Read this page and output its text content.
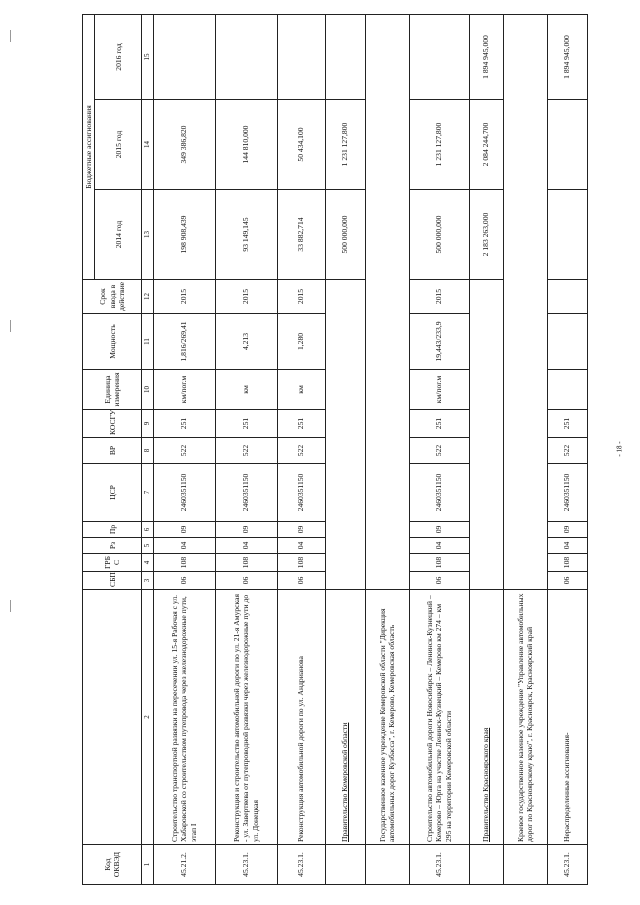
Код ОКВЭД		СБП	ГРБ С	Рз	Пр	ЦСР	ВР	КОСГУ	Единица измерения	Мощность	Срок ввода в действие	Бюджетные ассигнования		
												2014 год	2015 год	2016 год
1	2	3	4	5	6	7	8	9	10	11	12	13	14	15
45.21.2.	Строительство транспортной развязки на пересечении ул. 15-я Рабочая с ул. Хабаровской со строительством путепровода через железнодорожные пути, этап I	06	108	04	09	2460351150	522	251	км/пог.м	1,816/269,41	2015	198 908,439	349 386,820	
45.23.1.	Реконструкция и строительство автомобильной дороги по ул. 21-я Амурская - ул. Завертяева от путепроводной развязки через железнодорожные пути до ул. Донецкая	06	108	04	09	2460351150	522	251	км	4,213	2015	93 149,145	144 810,000	
45.23.1.	Реконструкция автомобильной дороги по ул. Андрианова	06	108	04	09	2460351150	522	251	км	1,280	2015	33 882,714	50 434,100	
	Правительство Кемеровской области											500 000,000	1 231 127,800	
	Государственное казенное учреждение Кемеровской области "Дирекция автомобильных дорог Кузбасса", г. Кемерово, Кемеровская область													
45.23.1.	Строительство автомобильной дороги Новосибирск – Ленинск-Кузнецкий – Кемерово – Юрга на участке Ленинск-Кузнецкий – Кемерово км 274 – км 295 на территории Кемеровской области	06	108	04	09	2460351150	522	251	км/пог.м	19,443/233,9	2015	500 000,000	1 231 127,800	
	Правительство Красноярского края											2 183 263,000	2 084 244,700	1 894 945,000
	Краевое государственное казенное учреждение "Управление автомобильных дорог по Красноярскому краю", г. Красноярск, Красноярский край													
45.23.1.	Нераспределенные ассигнования-	06	108	04	09	2460351150	522	251						1 894 945,000
- 18 -
